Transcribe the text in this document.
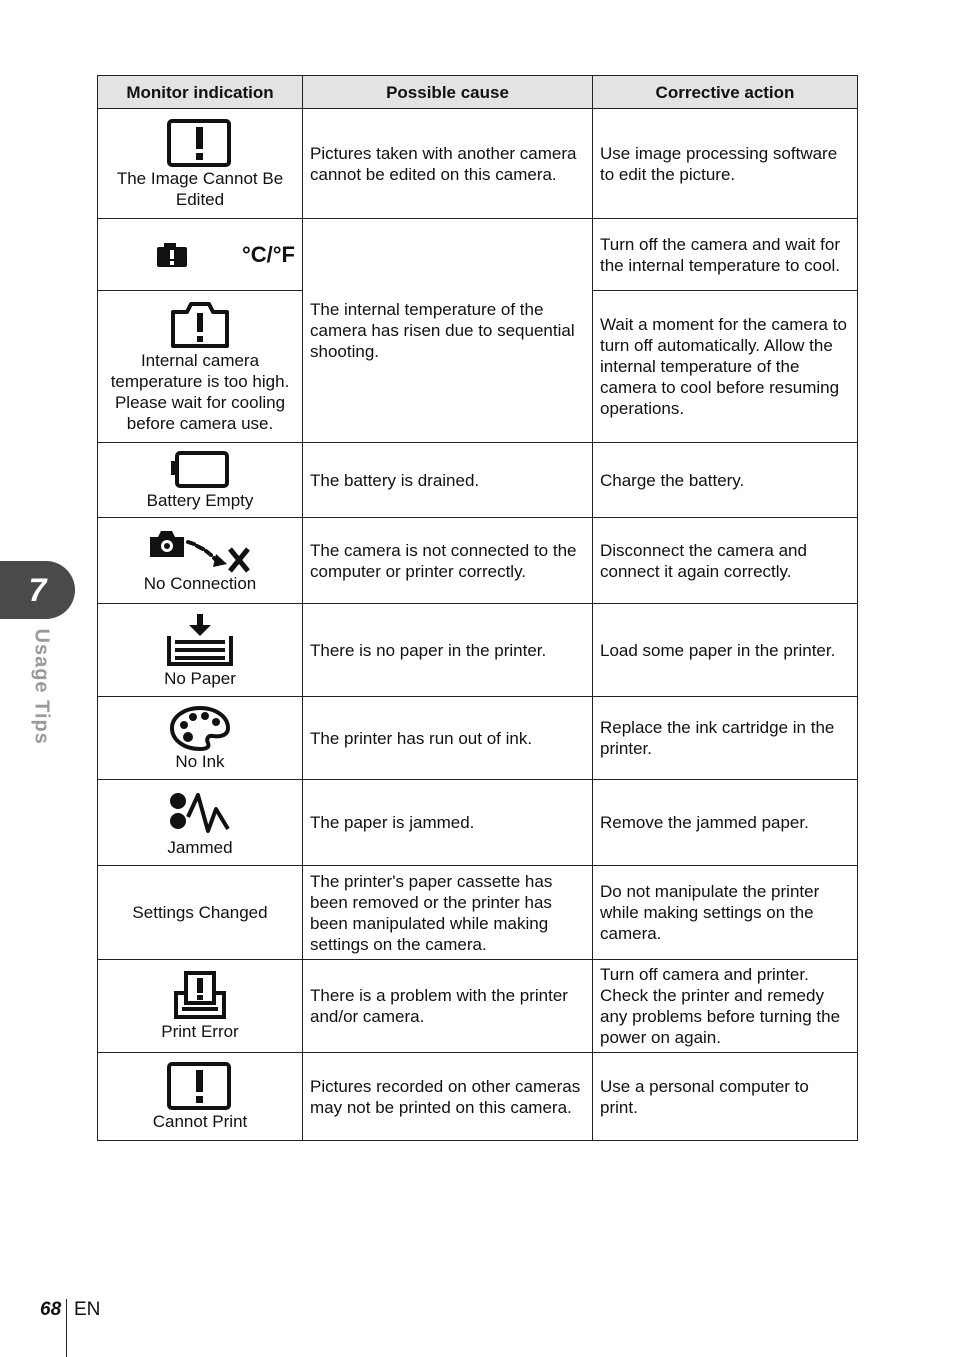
7
Usage Tips
Monitor indication	Possible cause	Corrective action

The Image Cannot Be Edited	Pictures taken with another camera cannot be edited on this camera.	Use image processing software to edit the picture.

°C/°F	The internal temperature of the camera has risen due to sequential shooting.	Turn off the camera and wait for the internal temperature to cool.

Internal camera temperature is too high. Please wait for cooling before camera use.		Wait a moment for the camera to turn off automatically. Allow the internal temperature of the camera to cool before resuming operations.

Battery Empty	The battery is drained.	Charge the battery.

No Connection	The camera is not connected to the computer or printer correctly.	Disconnect the camera and connect it again correctly.

No Paper	There is no paper in the printer.	Load some paper in the printer.

No Ink	The printer has run out of ink.	Replace the ink cartridge in the printer.

Jammed	The paper is jammed.	Remove the jammed paper.

Settings Changed	The printer's paper cassette has been removed or the printer has been manipulated while making settings on the camera.	Do not manipulate the printer while making settings on the camera.

Print Error	There is a problem with the printer and/or camera.	Turn off camera and printer. Check the printer and remedy any problems before turning the power on again.

Cannot Print	Pictures recorded on other cameras may not be printed on this camera.	Use a personal computer to print.
68 EN
